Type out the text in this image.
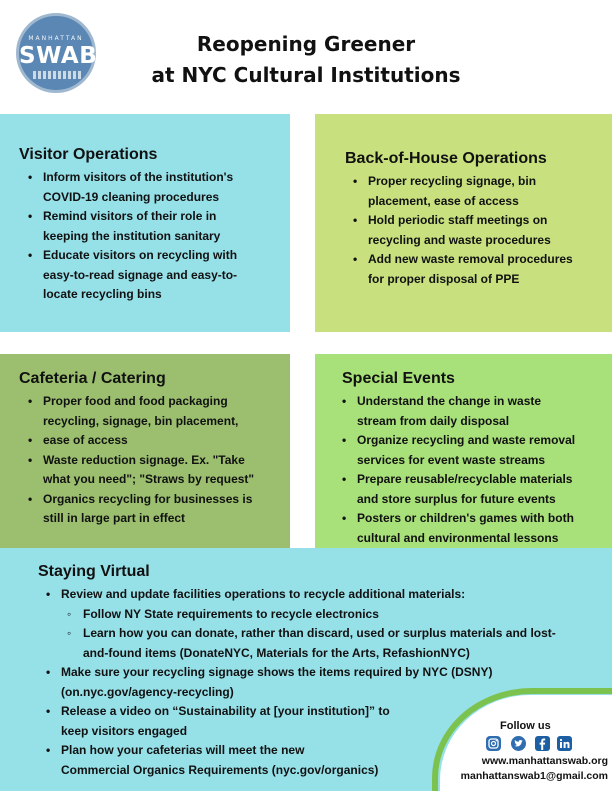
MANHATTAN
SWAB	Reopening Greener
at NYC Cultural Institutions
Visitor Operations
• Inform visitors of the institution's
COVID-19 cleaning procedures
• Remind visitors of their role in
keeping the institution sanitary
• Educate visitors on recycling with
easy-to-read signage and easy-to-
locate recycling bins
Back-of-House Operations
• Proper recycling signage, bin
placement, ease of access
• Hold periodic staff meetings on
recycling and waste procedures
• Add new waste removal procedures
for proper disposal of PPE
Cafeteria / Catering
• Proper food and food packaging
recycling, signage, bin placement,
• ease of access
• Waste reduction signage. Ex. "Take
what you need"; "Straws by request"
• Organics recycling for businesses is
still in large part in effect
Special Events
• Understand the change in waste
stream from daily disposal
• Organize recycling and waste removal
services for event waste streams
• Prepare reusable/recyclable materials
and store surplus for future events
• Posters or children's games with both
cultural and environmental lessons
Staying Virtual
• Review and update facilities operations to recycle additional materials:
◦ Follow NY State requirements to recycle electronics
◦ Learn how you can donate, rather than discard, used or surplus materials and lost-
and-found items (DonateNYC, Materials for the Arts, RefashionNYC)
• Make sure your recycling signage shows the items required by NYC (DSNY)
(on.nyc.gov/agency-recycling)
• Release a video on “Sustainability at [your institution]” to
keep visitors engaged
• Plan how your cafeterias will meet the new
Commercial Organics Requirements (nyc.gov/organics)
Follow us
www.manhattanswab.org
manhattanswab1@gmail.com
